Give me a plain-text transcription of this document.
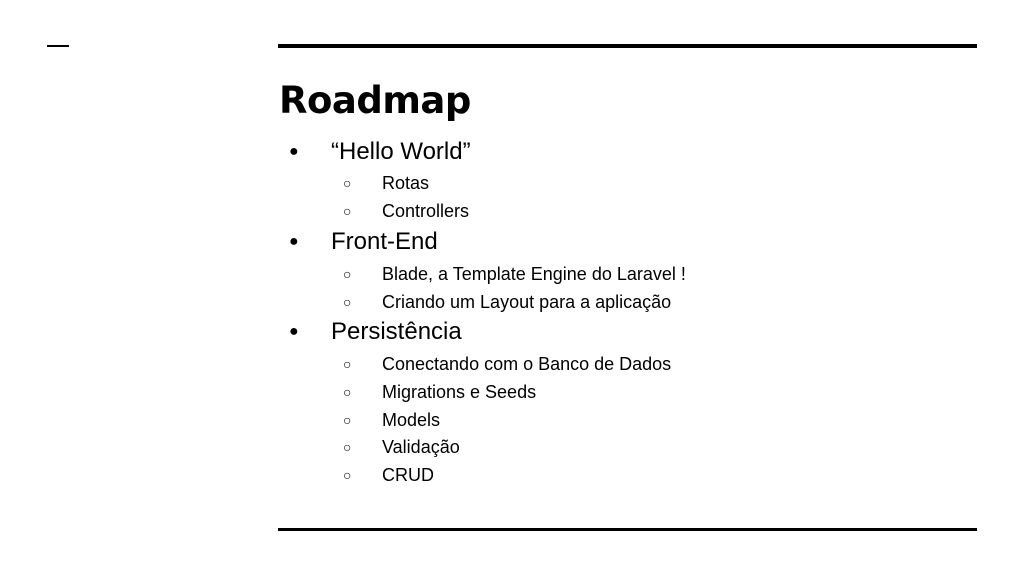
Roadmap
● “Hello World”
○ Rotas
○ Controllers
● Front-End
○ Blade, a Template Engine do Laravel !
○ Criando um Layout para a aplicação
● Persistência
○ Conectando com o Banco de Dados
○ Migrations e Seeds
○ Models
○ Validação
○ CRUD
